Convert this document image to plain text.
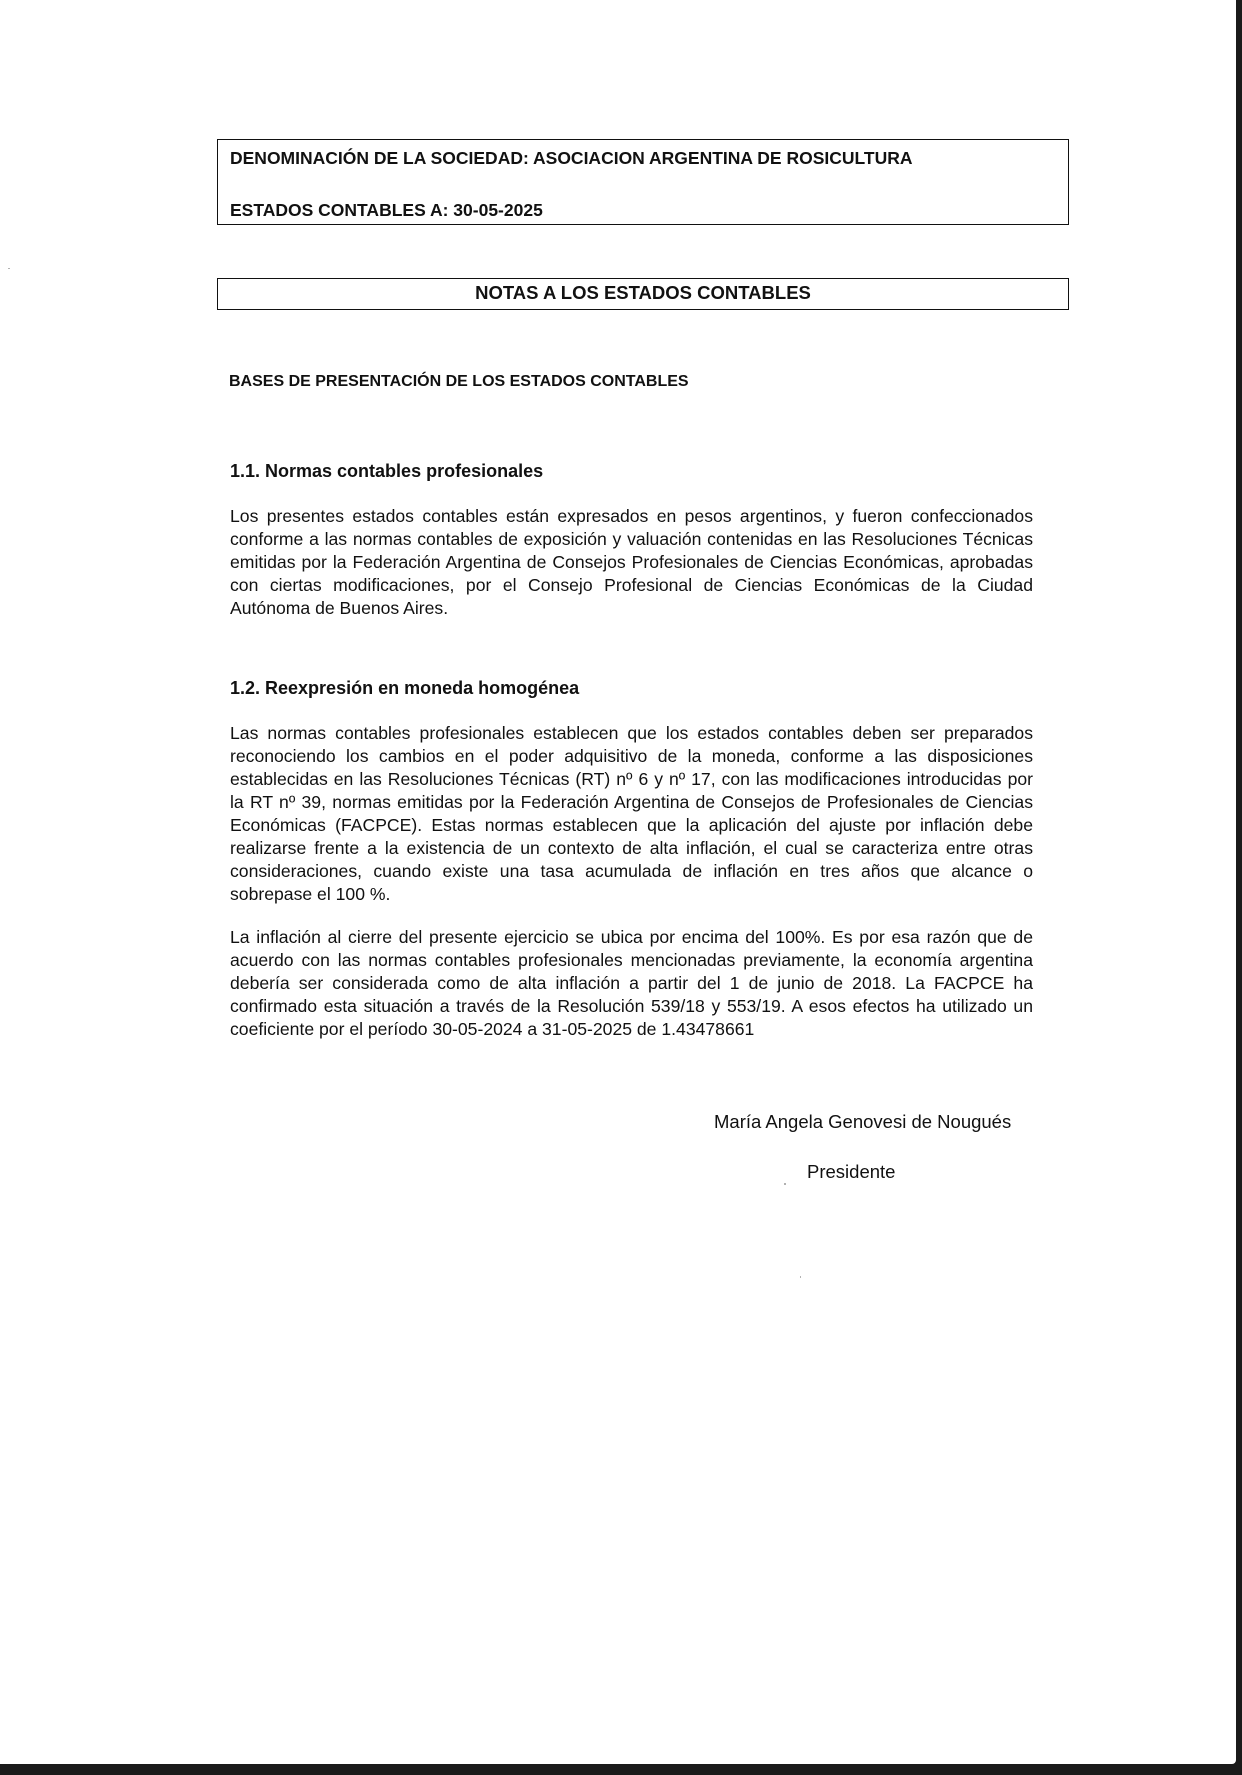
DENOMINACIÓN DE LA SOCIEDAD: ASOCIACION ARGENTINA DE ROSICULTURA
ESTADOS CONTABLES A: 30-05-2025
NOTAS A LOS ESTADOS CONTABLES
BASES DE PRESENTACIÓN DE LOS ESTADOS CONTABLES
1.1. Normas contables profesionales

Los presentes estados contables están expresados en pesos argentinos, y fueron confeccionados conforme a las normas contables de exposición y valuación contenidas en las Resoluciones Técnicas emitidas por la Federación Argentina de Consejos Profesionales de Ciencias Económicas, aprobadas con ciertas modificaciones, por el Consejo Profesional de Ciencias Económicas de la Ciudad Autónoma de Buenos Aires.

1.2. Reexpresión en moneda homogénea

Las normas contables profesionales establecen que los estados contables deben ser preparados reconociendo los cambios en el poder adquisitivo de la moneda, conforme a las disposiciones establecidas en las Resoluciones Técnicas (RT) nº 6 y nº 17, con las modificaciones introducidas por la RT nº 39, normas emitidas por la Federación Argentina de Consejos de Profesionales de Ciencias Económicas (FACPCE). Estas normas establecen que la aplicación del ajuste por inflación debe realizarse frente a la existencia de un contexto de alta inflación, el cual se caracteriza entre otras consideraciones, cuando existe una tasa acumulada de inflación en tres años que alcance o sobrepase el 100 %.

La inflación al cierre del presente ejercicio se ubica por encima del 100%. Es por esa razón que de acuerdo con las normas contables profesionales mencionadas previamente, la economía argentina debería ser considerada como de alta inflación a partir del 1 de junio de 2018. La FACPCE ha confirmado esta situación a través de la Resolución 539/18 y 553/19. A esos efectos ha utilizado un coeficiente por el período 30-05-2024 a 31-05-2025 de 1.43478661

María Angela Genovesi de Nougués
Presidente
